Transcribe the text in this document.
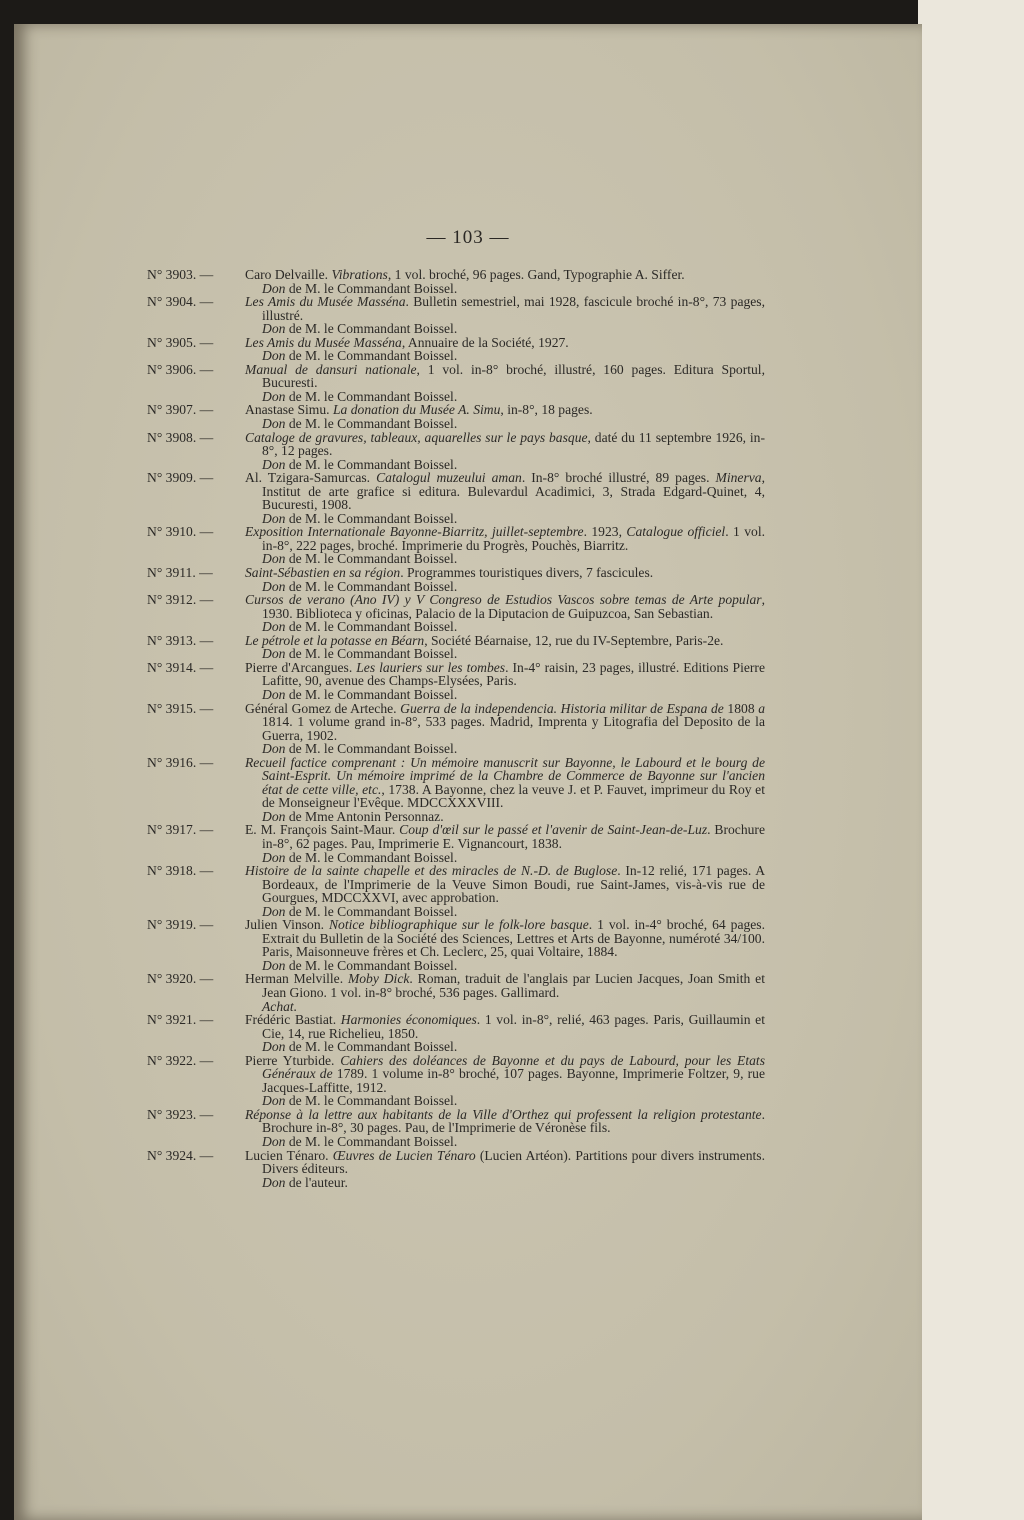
— 103 —
N° 3903. — Caro Delvaille. Vibrations, 1 vol. broché, 96 pages. Gand, Typographie A. Siffer.
Don de M. le Commandant Boissel.
N° 3904. — Les Amis du Musée Masséna. Bulletin semestriel, mai 1928, fascicule broché in-8°, 73 pages, illustré.
Don de M. le Commandant Boissel.
N° 3905. — Les Amis du Musée Masséna, Annuaire de la Société, 1927.
Don de M. le Commandant Boissel.
N° 3906. — Manual de dansuri nationale, 1 vol. in-8° broché, illustré, 160 pages. Editura Sportul, Bucuresti.
Don de M. le Commandant Boissel.
N° 3907. — Anastase Simu. La donation du Musée A. Simu, in-8°, 18 pages.
Don de M. le Commandant Boissel.
N° 3908. — Cataloge de gravures, tableaux, aquarelles sur le pays basque, daté du 11 septembre 1926, in-8°, 12 pages.
Don de M. le Commandant Boissel.
N° 3909. — Al. Tzigara-Samurcas. Catalogul muzeului aman. In-8° broché illustré, 89 pages. Minerva, Institut de arte grafice si editura. Bulevardul Acadimici, 3, Strada Edgard-Quinet, 4, Bucuresti, 1908.
Don de M. le Commandant Boissel.
N° 3910. — Exposition Internationale Bayonne-Biarritz, juillet-septembre. 1923, Catalogue officiel. 1 vol. in-8°, 222 pages, broché. Imprimerie du Progrès, Pouchès, Biarritz.
Don de M. le Commandant Boissel.
N° 3911. — Saint-Sébastien en sa région. Programmes touristiques divers, 7 fascicules.
Don de M. le Commandant Boissel.
N° 3912. — Cursos de verano (Ano IV) y V Congreso de Estudios Vascos sobre temas de Arte popular, 1930. Biblioteca y oficinas, Palacio de la Diputacion de Guipuzcoa, San Sebastian.
Don de M. le Commandant Boissel.
N° 3913. — Le pétrole et la potasse en Béarn, Société Béarnaise, 12, rue du IV-Septembre, Paris-2e.
Don de M. le Commandant Boissel.
N° 3914. — Pierre d'Arcangues. Les lauriers sur les tombes. In-4° raisin, 23 pages, illustré. Editions Pierre Lafitte, 90, avenue des Champs-Elysées, Paris.
Don de M. le Commandant Boissel.
N° 3915. — Général Gomez de Arteche. Guerra de la independencia. Historia militar de Espana de 1808 a 1814. 1 volume grand in-8°, 533 pages. Madrid, Imprenta y Litografia del Deposito de la Guerra, 1902.
Don de M. le Commandant Boissel.
N° 3916. — Recueil factice comprenant : Un mémoire manuscrit sur Bayonne, le Labourd et le bourg de Saint-Esprit. Un mémoire imprimé de la Chambre de Commerce de Bayonne sur l'ancien état de cette ville, etc., 1738. A Bayonne, chez la veuve J. et P. Fauvet, imprimeur du Roy et de Monseigneur l'Evêque. MDCCXXXVIII.
Don de Mme Antonin Personnaz.
N° 3917. — E. M. François Saint-Maur. Coup d'œil sur le passé et l'avenir de Saint-Jean-de-Luz. Brochure in-8°, 62 pages. Pau, Imprimerie E. Vignancourt, 1838.
Don de M. le Commandant Boissel.
N° 3918. — Histoire de la sainte chapelle et des miracles de N.-D. de Buglose. In-12 relié, 171 pages. A Bordeaux, de l'Imprimerie de la Veuve Simon Boudi, rue Saint-James, vis-à-vis rue de Gourgues, MDCCXXVI, avec approbation.
Don de M. le Commandant Boissel.
N° 3919. — Julien Vinson. Notice bibliographique sur le folk-lore basque. 1 vol. in-4° broché, 64 pages. Extrait du Bulletin de la Société des Sciences, Lettres et Arts de Bayonne, numéroté 34/100. Paris, Maisonneuve frères et Ch. Leclerc, 25, quai Voltaire, 1884.
Don de M. le Commandant Boissel.
N° 3920. — Herman Melville. Moby Dick. Roman, traduit de l'anglais par Lucien Jacques, Joan Smith et Jean Giono. 1 vol. in-8° broché, 536 pages. Gallimard.
Achat.
N° 3921. — Frédéric Bastiat. Harmonies économiques. 1 vol. in-8°, relié, 463 pages. Paris, Guillaumin et Cie, 14, rue Richelieu, 1850.
Don de M. le Commandant Boissel.
N° 3922. — Pierre Yturbide. Cahiers des doléances de Bayonne et du pays de Labourd, pour les Etats Généraux de 1789. 1 volume in-8° broché, 107 pages. Bayonne, Imprimerie Foltzer, 9, rue Jacques-Laffitte, 1912.
Don de M. le Commandant Boissel.
N° 3923. — Réponse à la lettre aux habitants de la Ville d'Orthez qui professent la religion protestante. Brochure in-8°, 30 pages. Pau, de l'Imprimerie de Véronèse fils.
Don de M. le Commandant Boissel.
N° 3924. — Lucien Ténaro. Œuvres de Lucien Ténaro (Lucien Artéon). Partitions pour divers instruments. Divers éditeurs.
Don de l'auteur.
